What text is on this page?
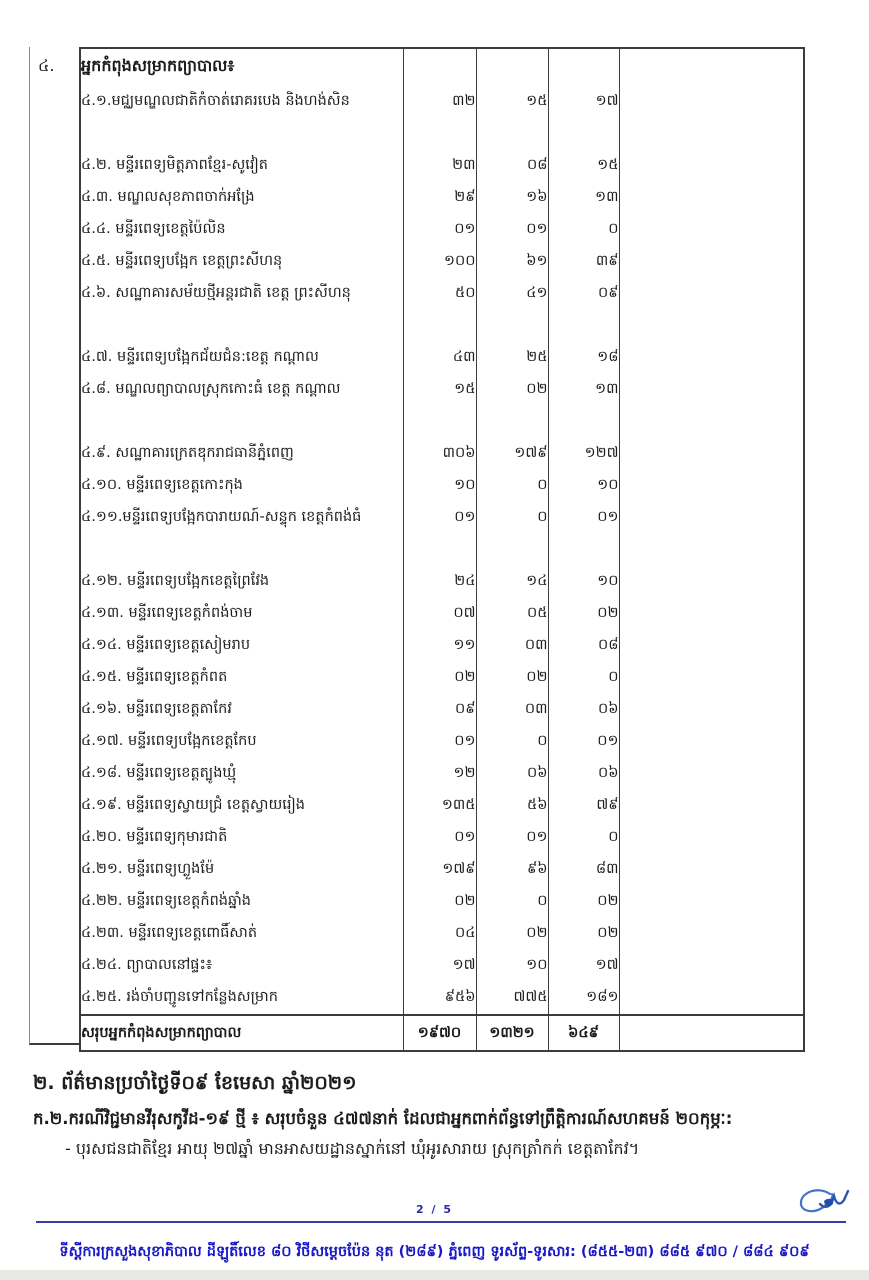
៤.	អ្នកកំពុងសម្រាកព្យាបាល៖				
៤.១.មជ្ឈមណ្ឌលជាតិកំចាត់រោគរបេង និងហង់សិន	៣២	១៥	១៧	
៤.២. មន្ទីរពេទ្យមិត្តភាពខ្មែរ-សូវៀត	២៣	០៨	១៥	
៤.៣. មណ្ឌលសុខភាពចាក់អង្រែ	២៩	១៦	១៣	
៤.៤. មន្ទីរពេទ្យខេត្តប៉ៃលិន	០១	០១	០	
៤.៥. មន្ទីរពេទ្យបង្អែក ខេត្តព្រះសីហនុ	១០០	៦១	៣៩	
៤.៦. សណ្ឋាគារសម័យថ្មីអន្តរជាតិ ខេត្ត ព្រះសីហនុ	៥០	៤១	០៩	
៤.៧. មន្ទីរពេទ្យបង្អែកជ័យជំន:ខេត្ត កណ្តាល	៤៣	២៥	១៨	
៤.៨. មណ្ឌលព្យាបាលស្រុកកោះធំ ខេត្ត កណ្តាល	១៥	០២	១៣	
៤.៩. សណ្ឋាគារក្រេតឌុករាជធានីភ្នំពេញ	៣០៦	១៧៩	១២៧	
៤.១០. មន្ទីរពេទ្យខេត្តកោះកុង	១០	០	១០	
៤.១១.មន្ទីរពេទ្យបង្អែកបារាយណ៍-សន្ទុក ខេត្តកំពង់ធំ	០១	០	០១	
៤.១២. មន្ទីរពេទ្យបង្អែកខេត្តព្រៃវែង	២៤	១៤	១០	
៤.១៣. មន្ទីរពេទ្យខេត្តកំពង់ចាម	០៧	០៥	០២	
៤.១៤. មន្ទីរពេទ្យខេត្តសៀមរាប	១១	០៣	០៨	
៤.១៥. មន្ទីរពេទ្យខេត្តកំពត	០២	០២	០	
៤.១៦. មន្ទីរពេទ្យខេត្តតាកែវ	០៩	០៣	០៦	
៤.១៧. មន្ទីរពេទ្យបង្អែកខេត្តកែប	០១	០	០១	
៤.១៨. មន្ទីរពេទ្យខេត្តត្បូងឃ្មុំ	១២	០៦	០៦	
៤.១៩. មន្ទីរពេទ្យស្វាយជ្រំ ខេត្តស្វាយរៀង	១៣៥	៥៦	៧៩	
៤.២០. មន្ទីរពេទ្យកុមារជាតិ	០១	០១	០	
៤.២១. មន្ទីរពេទ្យហ្លួងម៉ែ	១៧៩	៩៦	៨៣	
៤.២២. មន្ទីរពេទ្យខេត្តកំពង់ឆ្នាំង	០២	០	០២	
៤.២៣. មន្ទីរពេទ្យខេត្តពោធិ៍សាត់	០៤	០២	០២	
៤.២៤. ព្យាបាលនៅផ្ទះ៖	១៧	១០	១៧	
៤.២៥. រង់ចាំបញ្ជូនទៅកន្លែងសម្រាក	៩៥៦	៧៧៥	១៨១	
សរុបអ្នកកំពុងសម្រាកព្យាបាល	១៩៧០	១៣២១	៦៤៩	
២. ព័ត៌មានប្រចាំថ្ងៃទី០៩ ខែមេសា ឆ្នាំ២០២១
ក.២.ករណីវិជ្ជមានវីរុសកូវីដ-១៩ ថ្មី ៖ សរុបចំនួន ៤៧៧នាក់ ដែលជាអ្នកពាក់ព័ន្ធទៅព្រឹត្តិការណ៍សហគមន៍ ២០កុម្ភៈ:
- បុរសជនជាតិខ្មែរ អាយុ ២៧ឆ្នាំ មានអាសយដ្ឋានស្នាក់នៅ ឃុំអូរសារាយ ស្រុកត្រាំកក់ ខេត្តតាកែវ។
2 / 5
ទីស្តីការក្រសួងសុខាភិបាល ដីឡូតិ៍លេខ ៨០ វិថីសម្តេចប៉ែន នុត (២៨៩) ភ្នំពេញ ទូរស័ព្ទ-ទូរសារ: (៨៥៥-២៣) ៨៨៥ ៩៧០ / ៨៨៤ ៩០៩
